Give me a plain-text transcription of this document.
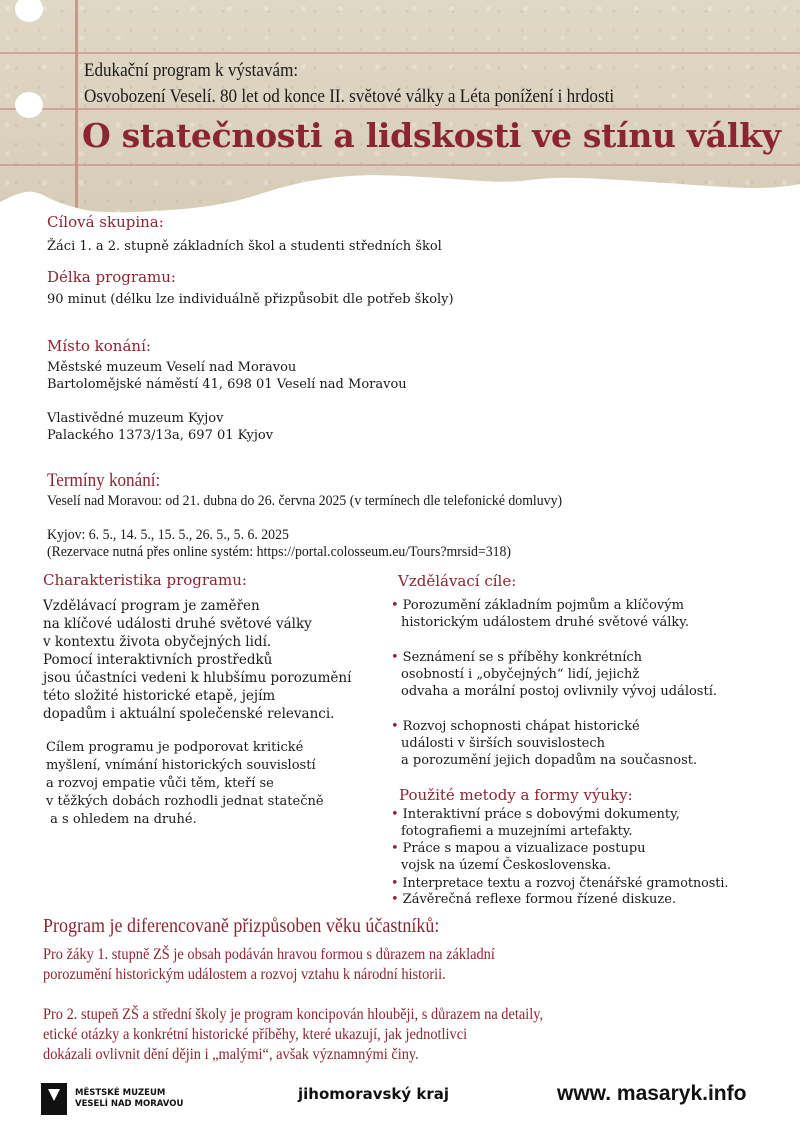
Edukační program k výstavám:
Osvobození Veselí. 80 let od konce II. světové války a Léta ponížení i hrdosti
O statečnosti a lidskosti ve stínu války
Cílová skupina:
Žáci 1. a 2. stupně základních škol a studenti středních škol
Délka programu:
90 minut (délku lze individuálně přizpůsobit dle potřeb školy)
Místo konání:
Městské muzeum Veselí nad Moravou
Bartolomějské náměstí 41, 698 01 Veselí nad Moravou
Vlastivědné muzeum Kyjov
Palackého 1373/13a, 697 01 Kyjov
Termíny konání:
Veselí nad Moravou: od 21. dubna do 26. června 2025 (v termínech dle telefonické domluvy)
Kyjov: 6. 5., 14. 5., 15. 5., 26. 5., 5. 6. 2025
(Rezervace nutná přes online systém: https://portal.colosseum.eu/Tours?mrsid=318)
Charakteristika programu:
Vzdělávací program je zaměřen
na klíčové události druhé světové války
v kontextu života obyčejných lidí.
Pomocí interaktivních prostředků
jsou účastníci vedeni k hlubšímu porozumění
této složité historické etapě, jejím
dopadům i aktuální společenské relevanci.
Cílem programu je podporovat kritické
myšlení, vnímání historických souvislostí
a rozvoj empatie vůči těm, kteří se
v těžkých dobách rozhodli jednat statečně
a s ohledem na druhé.
Vzdělávací cíle:
• Porozumění základním pojmům a klíčovým
historickým událostem druhé světové války.
• Seznámení se s příběhy konkrétních
osobností i „obyčejných“ lidí, jejichž
odvaha a morální postoj ovlivnily vývoj událostí.
• Rozvoj schopnosti chápat historické
události v širších souvislostech
a porozumění jejich dopadům na současnost.
Použité metody a formy výuky:
• Interaktivní práce s dobovými dokumenty,
fotografiemi a muzejními artefakty.
• Práce s mapou a vizualizace postupu
vojsk na území Československa.
• Interpretace textu a rozvoj čtenářské gramotnosti.
• Závěrečná reflexe formou řízené diskuze.
Program je diferencovaně přizpůsoben věku účastníků:
Pro žáky 1. stupně ZŠ je obsah podáván hravou formou s důrazem na základní
porozumění historickým událostem a rozvoj vztahu k národní historii.
Pro 2. stupeň ZŠ a střední školy je program koncipován hlouběji, s důrazem na detaily,
etické otázky a konkrétní historické příběhy, které ukazují, jak jednotlivci
dokázali ovlivnit dění dějin i „malými“, avšak významnými činy.
MĚSTSKÉ MUZEUM
VESELÍ NAD MORAVOU
jihomoravský kraj	www. masaryk.info
